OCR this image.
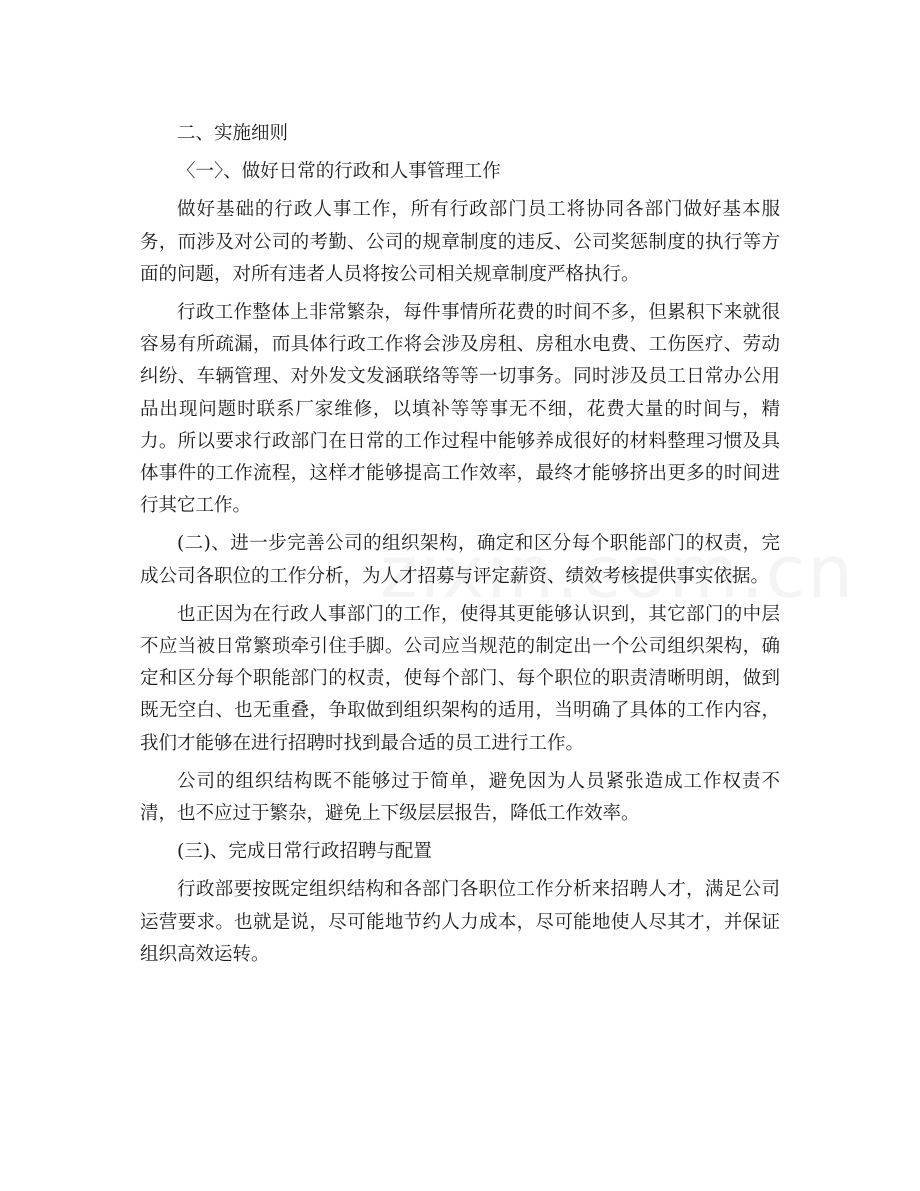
二、实施细则

〈一〉、做好日常的行政和人事管理工作

做好基础的行政人事工作，所有行政部门员工将协同各部门做好基本服务，而涉及对公司的考勤、公司的规章制度的违反、公司奖惩制度的执行等方面的问题，对所有违者人员将按公司相关规章制度严格执行。

行政工作整体上非常繁杂，每件事情所花费的时间不多，但累积下来就很容易有所疏漏，而具体行政工作将会涉及房租、房租水电费、工伤医疗、劳动纠纷、车辆管理、对外发文发涵联络等等一切事务。同时涉及员工日常办公用品出现问题时联系厂家维修，以填补等等事无不细，花费大量的时间与，精力。所以要求行政部门在日常的工作过程中能够养成很好的材料整理习惯及具体事件的工作流程，这样才能够提高工作效率，最终才能够挤出更多的时间进行其它工作。

(二)、进一步完善公司的组织架构，确定和区分每个职能部门的权责，完成公司各职位的工作分析，为人才招募与评定薪资、绩效考核提供事实依据。

也正因为在行政人事部门的工作，使得其更能够认识到，其它部门的中层不应当被日常繁琐牵引住手脚。公司应当规范的制定出一个公司组织架构，确定和区分每个职能部门的权责，使每个部门、每个职位的职责清晰明朗，做到既无空白、也无重叠，争取做到组织架构的适用，当明确了具体的工作内容，我们才能够在进行招聘时找到最合适的员工进行工作。

公司的组织结构既不能够过于简单，避免因为人员紧张造成工作权责不清，也不应过于繁杂，避免上下级层层报告，降低工作效率。

(三)、完成日常行政招聘与配置

行政部要按既定组织结构和各部门各职位工作分析来招聘人才，满足公司运营要求。也就是说，尽可能地节约人力成本，尽可能地使人尽其才，并保证组织高效运转。
